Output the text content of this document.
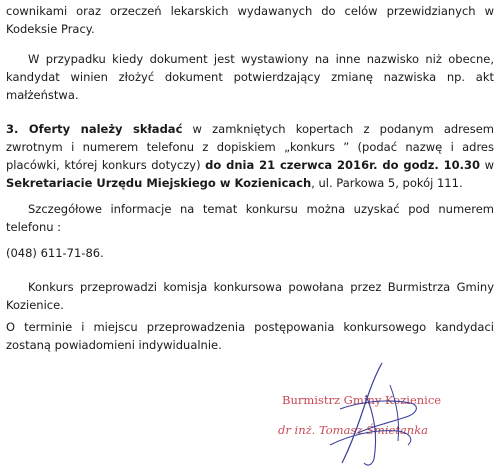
cownikami oraz orzeczeń lekarskich wydawanych do celów przewidzianych w Kodeksie Pracy.

W przypadku kiedy dokument jest wystawiony na inne nazwisko niż obecne, kandydat winien złożyć dokument potwierdzający zmianę nazwiska np. akt małżeństwa.

3. Oferty należy składać w zamkniętych kopertach z podanym adresem zwrotnym i numerem telefonu z dopiskiem „konkurs ” (podać nazwę i adres placówki, której konkurs dotyczy) do dnia 21 czerwca 2016r. do godz. 10.30 w Sekretariacie Urzędu Miejskiego w Kozienicach, ul. Parkowa 5, pokój 111.

Szczegółowe informacje na temat konkursu można uzyskać pod numerem telefonu :

(048) 611-71-86.

Konkurs przeprowadzi komisja konkursowa powołana przez Burmistrza Gminy Kozienice.

O terminie i miejscu przeprowadzenia postępowania konkursowego kandydaci zostaną powiadomieni indywidualnie.

Burmistrz Gminy Kozienice
dr inż. Tomasz Śmietanka
